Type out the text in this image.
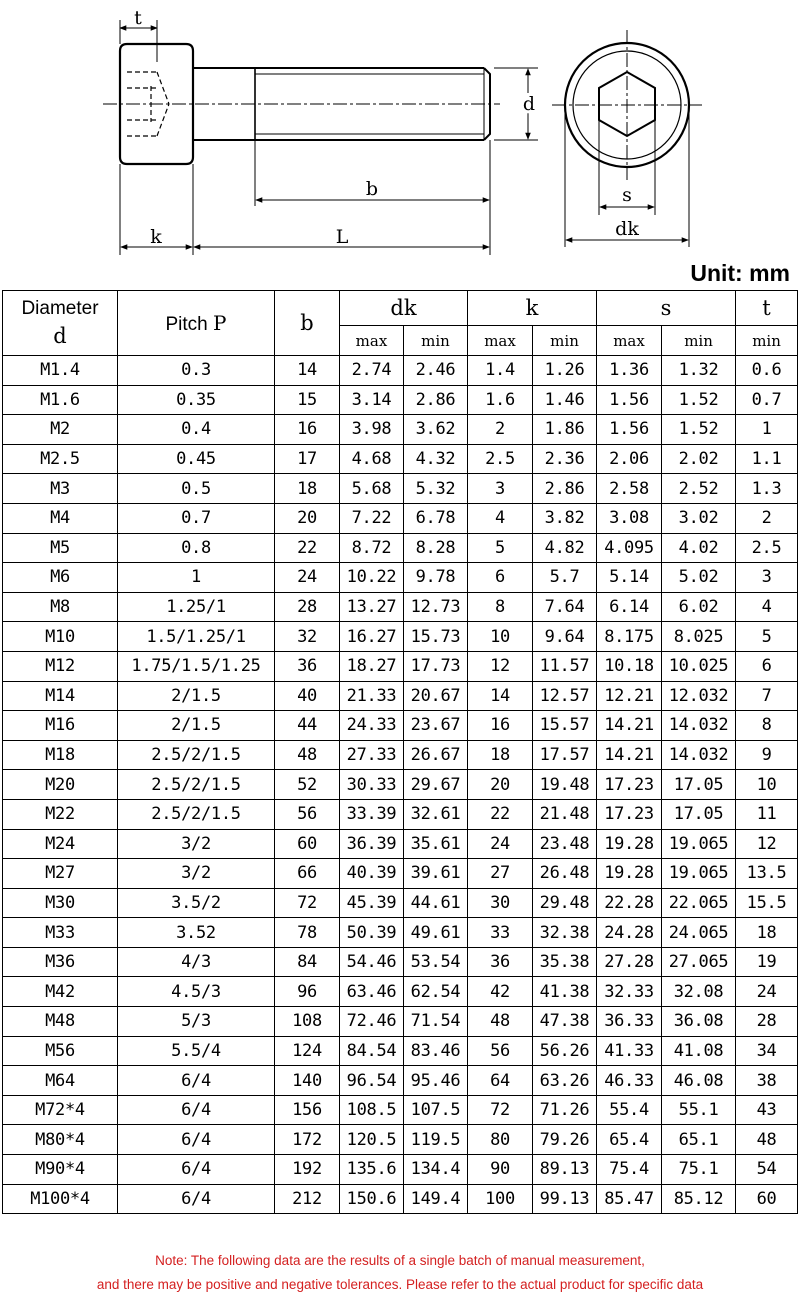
t
b
k	L
d
s
dk
Unit: mm
Diameter
d	Pitch P	b	dk		k		s		t
			max	min	max	min	max	min	min
M1.4	0.3	14	2.74	2.46	1.4	1.26	1.36	1.32	0.6
M1.6	0.35	15	3.14	2.86	1.6	1.46	1.56	1.52	0.7
M2	0.4	16	3.98	3.62	2	1.86	1.56	1.52	1
M2.5	0.45	17	4.68	4.32	2.5	2.36	2.06	2.02	1.1
M3	0.5	18	5.68	5.32	3	2.86	2.58	2.52	1.3
M4	0.7	20	7.22	6.78	4	3.82	3.08	3.02	2
M5	0.8	22	8.72	8.28	5	4.82	4.095	4.02	2.5
M6	1	24	10.22	9.78	6	5.7	5.14	5.02	3
M8	1.25/1	28	13.27	12.73	8	7.64	6.14	6.02	4
M10	1.5/1.25/1	32	16.27	15.73	10	9.64	8.175	8.025	5
M12	1.75/1.5/1.25	36	18.27	17.73	12	11.57	10.18	10.025	6
M14	2/1.5	40	21.33	20.67	14	12.57	12.21	12.032	7
M16	2/1.5	44	24.33	23.67	16	15.57	14.21	14.032	8
M18	2.5/2/1.5	48	27.33	26.67	18	17.57	14.21	14.032	9
M20	2.5/2/1.5	52	30.33	29.67	20	19.48	17.23	17.05	10
M22	2.5/2/1.5	56	33.39	32.61	22	21.48	17.23	17.05	11
M24	3/2	60	36.39	35.61	24	23.48	19.28	19.065	12
M27	3/2	66	40.39	39.61	27	26.48	19.28	19.065	13.5
M30	3.5/2	72	45.39	44.61	30	29.48	22.28	22.065	15.5
M33	3.52	78	50.39	49.61	33	32.38	24.28	24.065	18
M36	4/3	84	54.46	53.54	36	35.38	27.28	27.065	19
M42	4.5/3	96	63.46	62.54	42	41.38	32.33	32.08	24
M48	5/3	108	72.46	71.54	48	47.38	36.33	36.08	28
M56	5.5/4	124	84.54	83.46	56	56.26	41.33	41.08	34
M64	6/4	140	96.54	95.46	64	63.26	46.33	46.08	38
M72*4	6/4	156	108.5	107.5	72	71.26	55.4	55.1	43
M80*4	6/4	172	120.5	119.5	80	79.26	65.4	65.1	48
M90*4	6/4	192	135.6	134.4	90	89.13	75.4	75.1	54
M100*4	6/4	212	150.6	149.4	100	99.13	85.47	85.12	60
Note: The following data are the results of a single batch of manual measurement,
and there may be positive and negative tolerances. Please refer to the actual product for specific data
